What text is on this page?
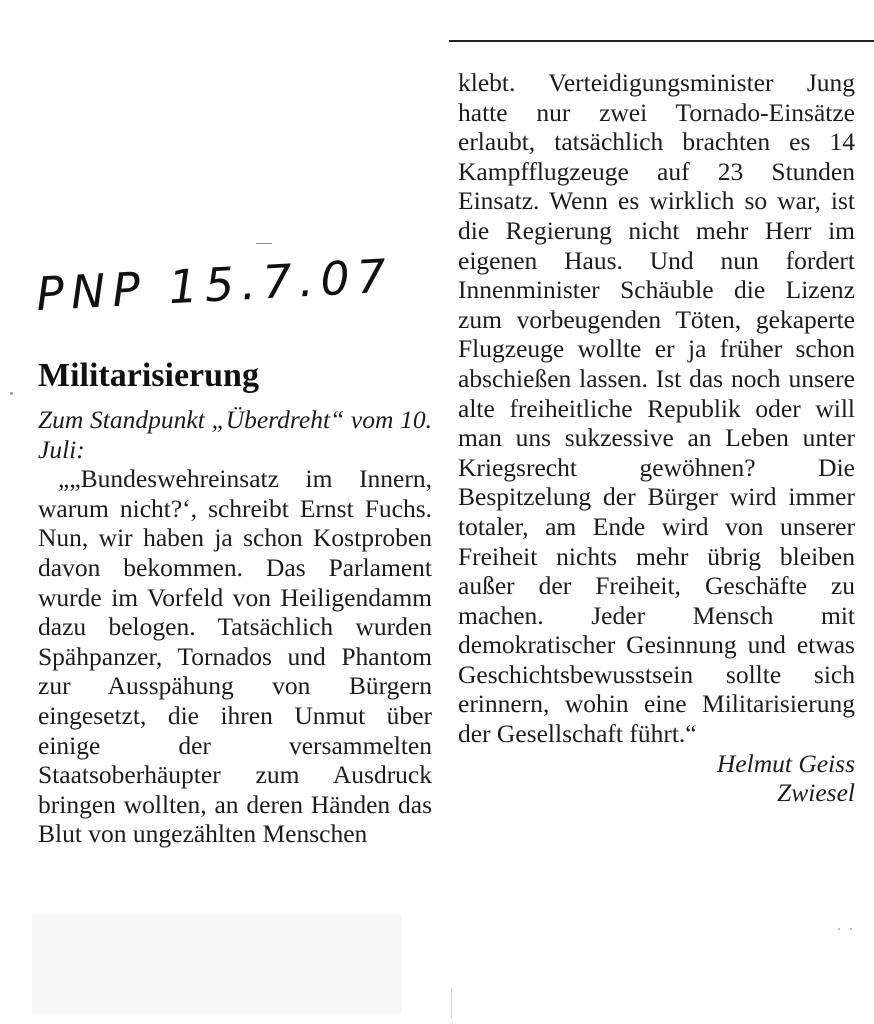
PNP 15.7.07
Militarisierung
Zum Standpunkt „Überdreht“ vom 10. Juli:
„„Bundeswehreinsatz im Innern, warum nicht?‘, schreibt Ernst Fuchs. Nun, wir haben ja schon Kostproben davon bekommen. Das Parlament wurde im Vorfeld von Heiligendamm dazu belogen. Tatsächlich wurden Spähpanzer, Tornados und Phantom zur Ausspähung von Bürgern eingesetzt, die ihren Unmut über einige der versammelten Staatsoberhäupter zum Ausdruck bringen wollten, an deren Händen das Blut von ungezählten Menschen
klebt. Verteidigungsminister Jung hatte nur zwei Tornado-Einsätze erlaubt, tatsächlich brachten es 14 Kampfflugzeuge auf 23 Stunden Einsatz. Wenn es wirklich so war, ist die Regierung nicht mehr Herr im eigenen Haus. Und nun fordert Innenminister Schäuble die Lizenz zum vorbeugenden Töten, gekaperte Flugzeuge wollte er ja früher schon abschießen lassen. Ist das noch unsere alte freiheitliche Republik oder will man uns sukzessive an Leben unter Kriegsrecht gewöhnen? Die Bespitzelung der Bürger wird immer totaler, am Ende wird von unserer Freiheit nichts mehr übrig bleiben außer der Freiheit, Geschäfte zu machen. Jeder Mensch mit demokratischer Gesinnung und etwas Geschichtsbewusstsein sollte sich erinnern, wohin eine Militarisierung der Gesellschaft führt.“
Helmut Geiss
Zwiesel
